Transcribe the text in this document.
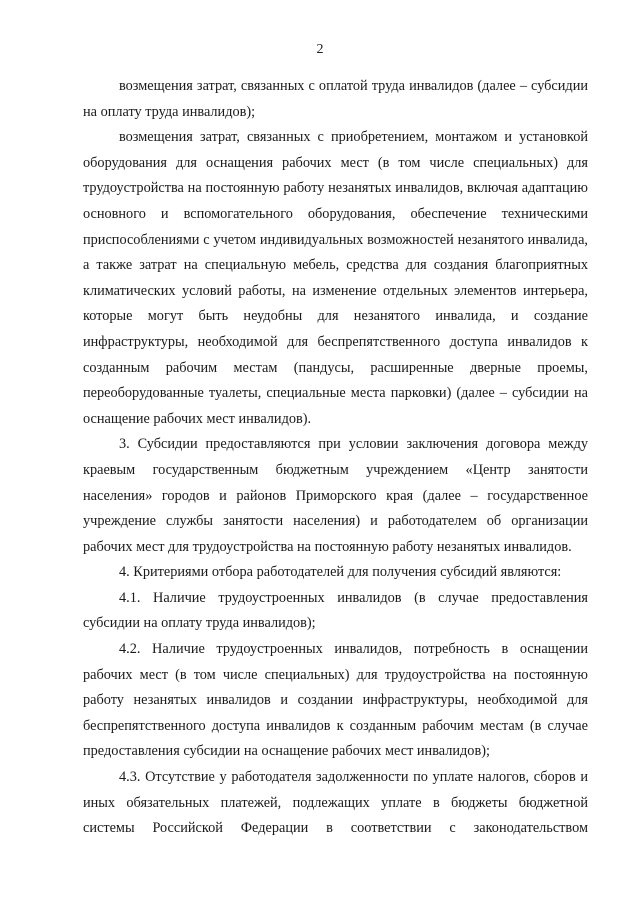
2

возмещения затрат, связанных с оплатой труда инвалидов (далее – субсидии на оплату труда инвалидов);

возмещения затрат, связанных с приобретением, монтажом и установкой оборудования для оснащения рабочих мест (в том числе специальных) для трудоустройства на постоянную работу незанятых инвалидов, включая адаптацию основного и вспомогательного оборудования, обеспечение техническими приспособлениями с учетом индивидуальных возможностей незанятого инвалида, а также затрат на специальную мебель, средства для создания благоприятных климатических условий работы, на изменение отдельных элементов интерьера, которые могут быть неудобны для незанятого инвалида, и создание инфраструктуры, необходимой для беспрепятственного доступа инвалидов к созданным рабочим местам (пандусы, расширенные дверные проемы, переоборудованные туалеты, специальные места парковки) (далее – субсидии на оснащение рабочих мест инвалидов).

3. Субсидии предоставляются при условии заключения договора между краевым государственным бюджетным учреждением «Центр занятости населения» городов и районов Приморского края (далее – государственное учреждение службы занятости населения) и работодателем об организации рабочих мест для трудоустройства на постоянную работу незанятых инвалидов.

4. Критериями отбора работодателей для получения субсидий являются:

4.1. Наличие трудоустроенных инвалидов (в случае предоставления субсидии на оплату труда инвалидов);

4.2. Наличие трудоустроенных инвалидов, потребность в оснащении рабочих мест (в том числе специальных) для трудоустройства на постоянную работу незанятых инвалидов и создании инфраструктуры, необходимой для беспрепятственного доступа инвалидов к созданным рабочим местам (в случае предоставления субсидии на оснащение рабочих мест инвалидов);

4.3. Отсутствие у работодателя задолженности по уплате налогов, сборов и иных обязательных платежей, подлежащих уплате в бюджеты бюджетной системы Российской Федерации в соответствии с законодательством
